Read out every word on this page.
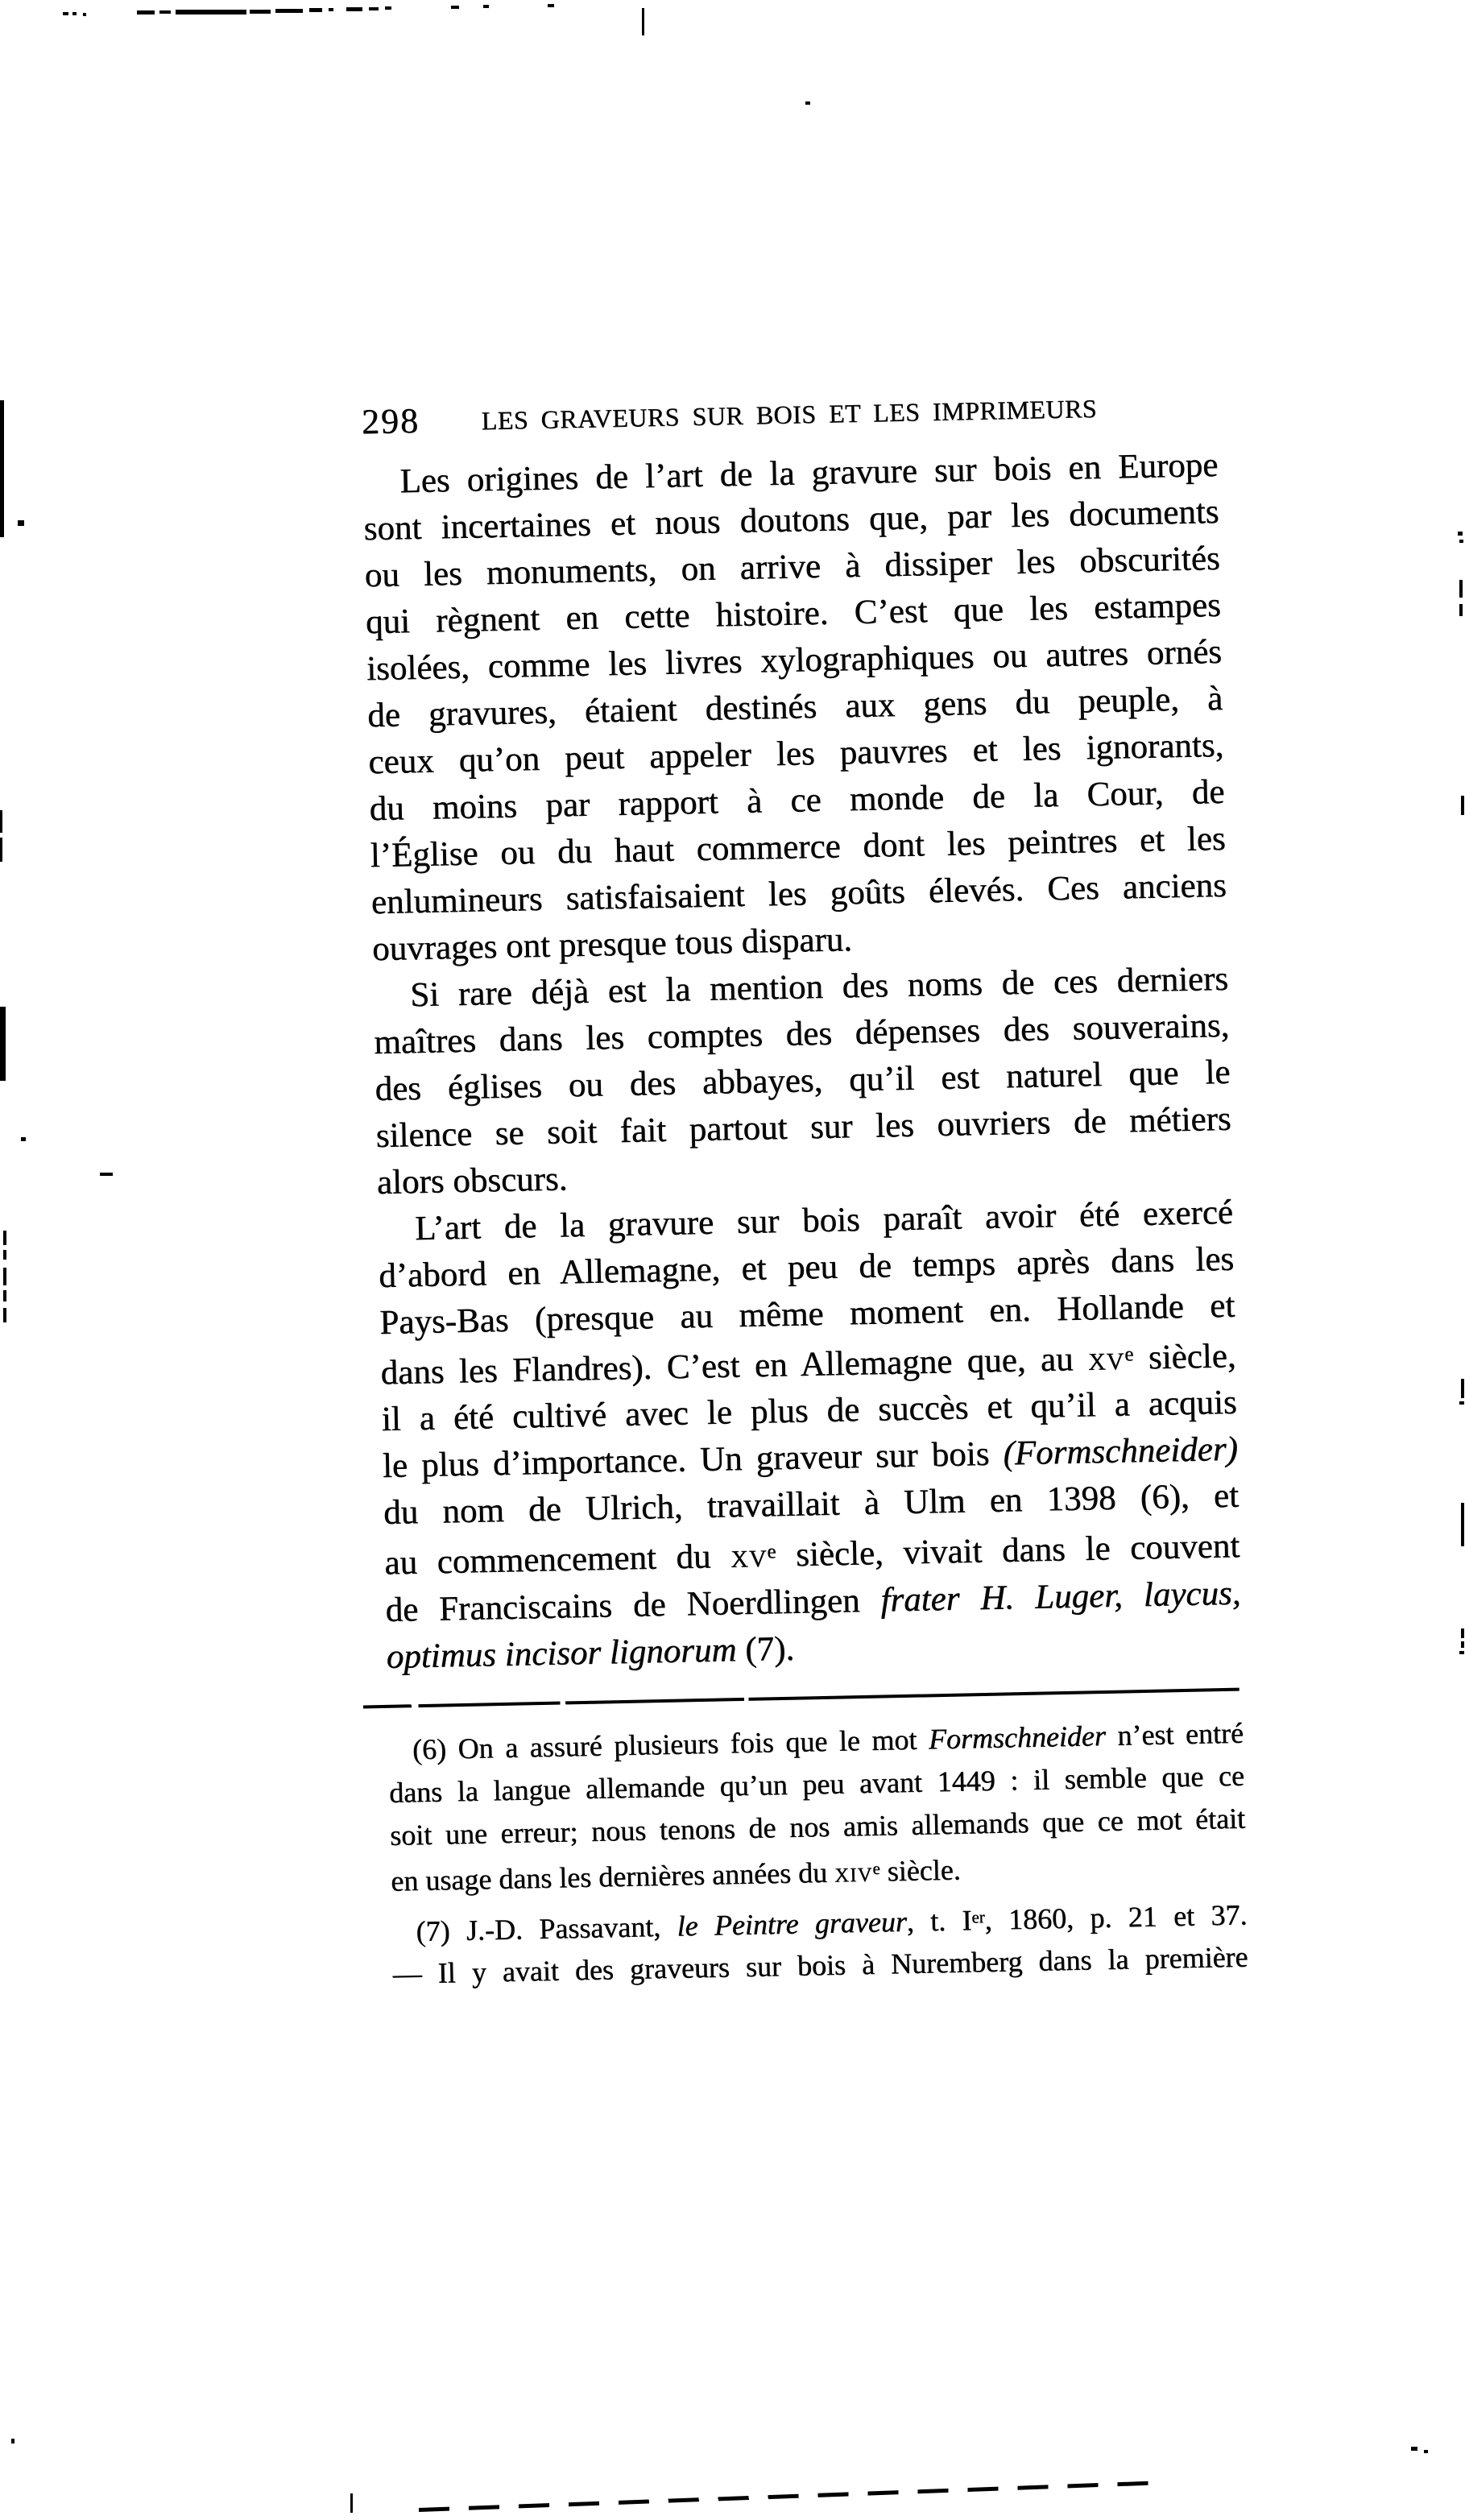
298	LES GRAVEURS SUR BOIS ET LES IMPRIMEURS
Les origines de l’art de la gravure sur bois en Europe
sont incertaines et nous doutons que, par les documents
ou les monuments, on arrive à dissiper les obscurités
qui règnent en cette histoire. C’est que les estampes
isolées, comme les livres xylographiques ou autres ornés
de gravures, étaient destinés aux gens du peuple, à
ceux qu’on peut appeler les pauvres et les ignorants,
du moins par rapport à ce monde de la Cour, de
l’Église ou du haut commerce dont les peintres et les
enlumineurs satisfaisaient les goûts élevés. Ces anciens
ouvrages ont presque tous disparu.
Si rare déjà est la mention des noms de ces derniers
maîtres dans les comptes des dépenses des souverains,
des églises ou des abbayes, qu’il est naturel que le
silence se soit fait partout sur les ouvriers de métiers
alors obscurs.
L’art de la gravure sur bois paraît avoir été exercé
d’abord en Allemagne, et peu de temps après dans les
Pays-Bas (presque au même moment en. Hollande et
dans les Flandres). C’est en Allemagne que, au $xv^e$ siècle,
il a été cultivé avec le plus de succès et qu’il a acquis
le plus d’importance. Un graveur sur bois (Formschneider)
du nom de Ulrich, travaillait à Ulm en 1398 (6), et
au commencement du $xv^e$ siècle, vivait dans le couvent
de Franciscains de Noerdlingen frater H. Luger, laycus,
optimus incisor lignorum (7).
(6) On a assuré plusieurs fois que le mot Formschneider n’est entré
dans la langue allemande qu’un peu avant 1449 : il semble que ce
soit une erreur; nous tenons de nos amis allemands que ce mot était
en usage dans les dernières années du xiv$^e$ siècle.
(7) J.-D. Passavant, le Peintre graveur, t. Ier, 1860, p. 21 et 37.
— Il y avait des graveurs sur bois à Nuremberg dans la première
